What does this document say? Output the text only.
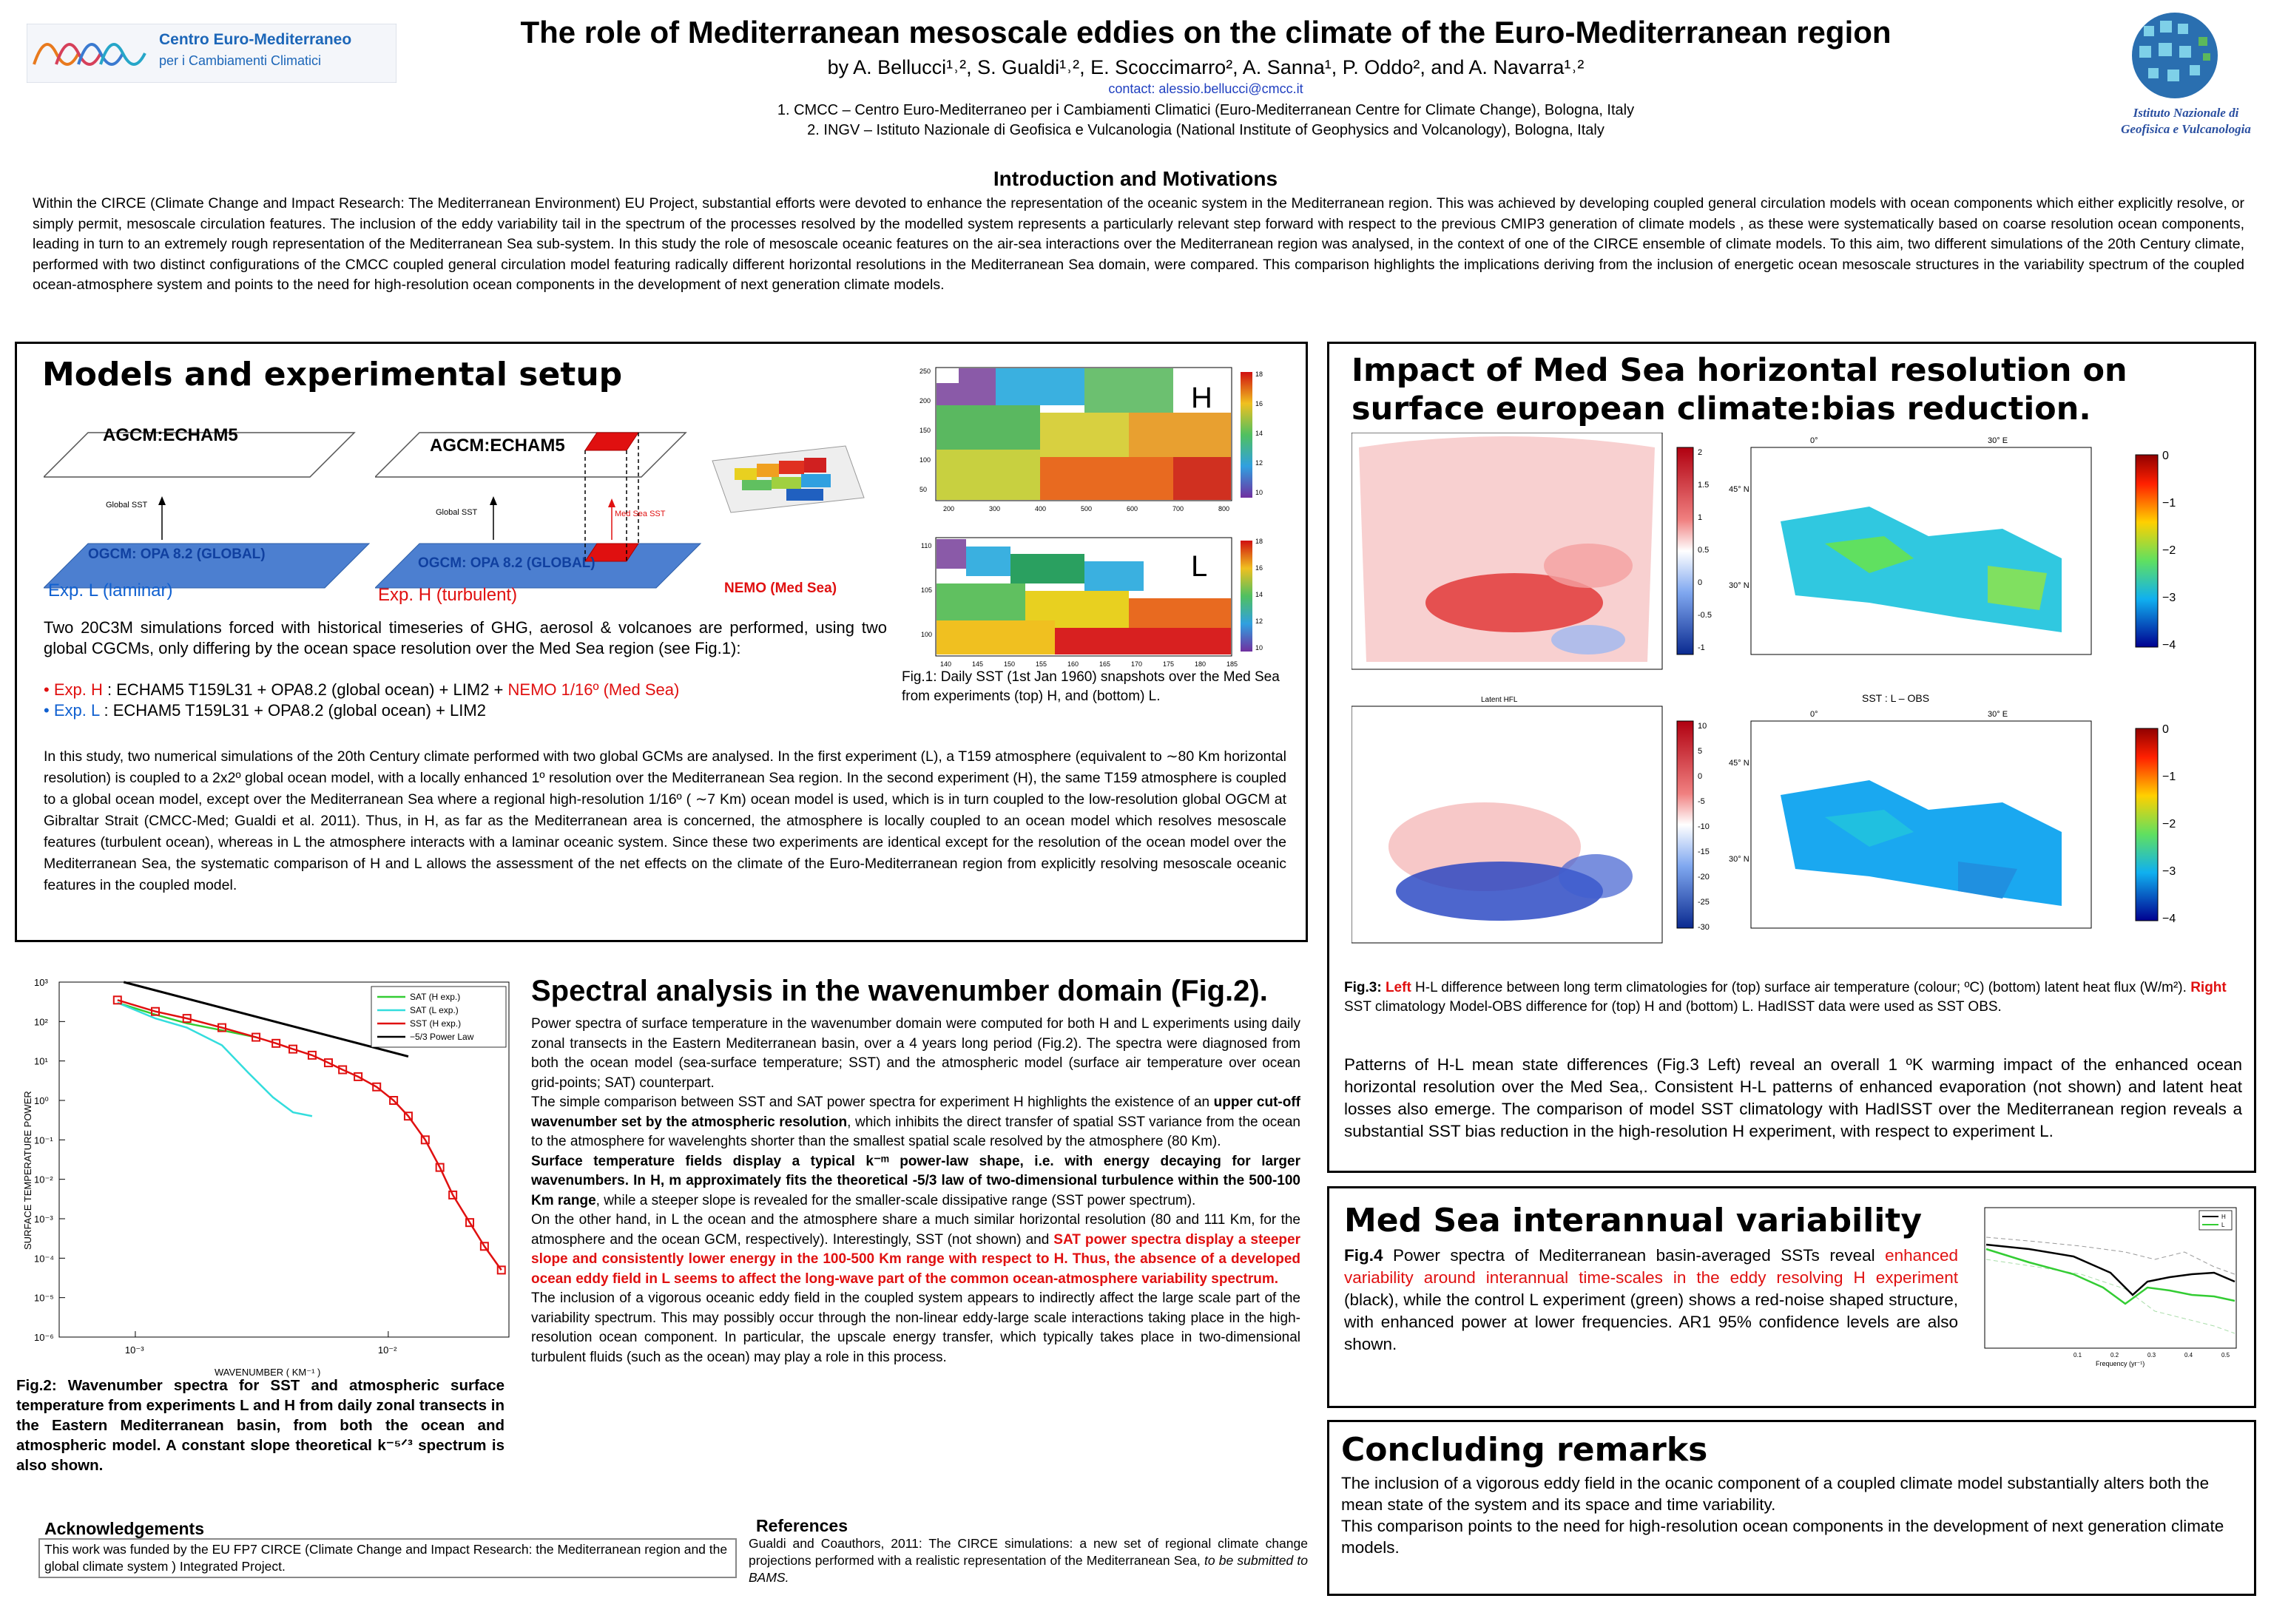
Centro Euro-Mediterraneo
per i Cambiamenti Climatici
Istituto Nazionale di
Geofisica e Vulcanologia
The role of Mediterranean mesoscale eddies on the climate of the Euro-Mediterranean region
by A. Bellucci¹˒², S. Gualdi¹˒², E. Scoccimarro², A. Sanna¹, P. Oddo², and A. Navarra¹˒²
contact: alessio.bellucci@cmcc.it
1. CMCC – Centro Euro-Mediterraneo per i Cambiamenti Climatici (Euro-Mediterranean Centre for Climate Change), Bologna, Italy
2. INGV – Istituto Nazionale di Geofisica e Vulcanologia (National Institute of Geophysics and Volcanology), Bologna, Italy
Introduction and Motivations
Within the CIRCE (Climate Change and Impact Research: The Mediterranean Environment) EU Project, substantial efforts were devoted to enhance the representation of the oceanic system in the Mediterranean region. This was achieved by developing coupled general circulation models with ocean components which either explicitly resolve, or simply permit, mesoscale circulation features. The inclusion of the eddy variability tail in the spectrum of the processes resolved by the modelled system represents a particularly relevant step forward with respect to the previous CMIP3 generation of climate models , as these were systematically based on coarse resolution ocean components, leading in turn to an extremely rough representation of the Mediterranean Sea sub-system. In this study the role of mesoscale oceanic features on the air-sea interactions over the Mediterranean region was analysed, in the context of one of the CIRCE ensemble of climate models. To this aim, two different simulations of the 20th Century climate, performed with two distinct configurations of the CMCC coupled general circulation model featuring radically different horizontal resolutions in the Mediterranean Sea domain, were compared. This comparison highlights the implications deriving from the inclusion of energetic ocean mesoscale structures in the variability spectrum of the coupled ocean-atmosphere system and points to the need for high-resolution ocean components in the development of next generation climate models.
Models and experimental setup
AGCM:ECHAM5
Global SST
OGCM: OPA 8.2 (GLOBAL)
Exp. L (laminar)
AGCM:ECHAM5
Global SST	Med Sea SST
OGCM: OPA 8.2 (GLOBAL)
Exp. H (turbulent)	NEMO (Med Sea)
H
L
200	300	400	500	600	700	800
250
200
150
100
50
140	145	150	155	160	165	170	175	180	185
110
105
100
18
16
14
12
10
18
16
14
12
10
Fig.1: Daily SST (1st Jan 1960) snapshots over the Med Sea from experiments (top) H, and (bottom) L.
Two 20C3M simulations forced with historical timeseries of GHG, aerosol & volcanoes are performed, using two global CGCMs, only differing by the ocean space resolution over the Med Sea region (see Fig.1):
• Exp. H : ECHAM5 T159L31 + OPA8.2 (global ocean) + LIM2 + NEMO 1/16º (Med Sea)
• Exp. L : ECHAM5 T159L31 + OPA8.2 (global ocean) + LIM2
In this study, two numerical simulations of the 20th Century climate performed with two global GCMs are analysed. In the first experiment (L), a T159 atmosphere (equivalent to ∼80 Km horizontal resolution) is coupled to a 2x2º global ocean model, with a locally enhanced 1º resolution over the Mediterranean Sea region. In the second experiment (H), the same T159 atmosphere is coupled to a global ocean model, except over the Mediterranean Sea where a regional high-resolution 1/16º ( ∼7 Km) ocean model is used, which is in turn coupled to the low-resolution global OGCM at Gibraltar Strait (CMCC-Med; Gualdi et al. 2011). Thus, in H, as far as the Mediterranean area is concerned, the atmosphere is locally coupled to an ocean model which resolves mesoscale features (turbulent ocean), whereas in L the atmosphere interacts with a laminar oceanic system. Since these two experiments are identical except for the resolution of the ocean model over the Mediterranean Sea, the systematic comparison of H and L allows the assessment of the net effects on the climate of the Euro-Mediterranean region from explicitly resolving mesoscale oceanic features in the coupled model.
Impact of Med Sea horizontal resolution on surface european climate:bias reduction.
Latent HFL	SST : L – OBS
2
1.5
1
0.5
0
-0.5
-1
10
5
0
-5
-10
-15
-20
-25
-30
0
−1
−2
−3
−4
0
−1
−2
−3
−4
45° N
30° N
0°	30° E
45° N
30° N
0°	30° E
Fig.3: Left H-L difference between long term climatologies for (top) surface air temperature (colour; ºC) (bottom) latent heat flux (W/m²). Right SST climatology Model-OBS difference for (top) H and (bottom) L. HadISST data were used as SST OBS.
Patterns of H-L mean state differences (Fig.3 Left) reveal an overall 1 ºK warming impact of the enhanced ocean horizontal resolution over the Med Sea,. Consistent H-L patterns of enhanced evaporation (not shown) and latent heat losses also emerge. The comparison of model SST climatology with HadISST over the Mediterranean region reveals a substantial SST bias reduction in the high-resolution H experiment, with respect to experiment L.
10³
10²
10¹
10⁰
10⁻¹
10⁻²
10⁻³
10⁻⁴
10⁻⁵
10⁻⁶
10⁻³	10⁻²
WAVENUMBER ( KM⁻¹ )
SURFACE TEMPERATURE POWER
SAT (H exp.)
SAT (L exp.)
SST (H exp.)
−5/3 Power Law
Fig.2: Wavenumber spectra for SST and atmospheric surface temperature from experiments L and H from daily zonal transects in the Eastern Mediterranean basin, from both the ocean and atmospheric model. A constant slope theoretical k⁻⁵ᐟ³ spectrum is also shown.
Spectral analysis in the wavenumber domain (Fig.2).
Power spectra of surface temperature in the wavenumber domain were computed for both H and L experiments using daily zonal transects in the Eastern Mediterranean basin, over a 4 years long period (Fig.2). The spectra were diagnosed from both the ocean model (sea-surface temperature; SST) and the atmospheric model (surface air temperature over ocean grid-points; SAT) counterpart.
The simple comparison between SST and SAT power spectra for experiment H highlights the existence of an upper cut-off wavenumber set by the atmospheric resolution, which inhibits the direct transfer of spatial SST variance from the ocean to the atmosphere for wavelenghts shorter than the smallest spatial scale resolved by the atmosphere (80 Km).
Surface temperature fields display a typical k⁻ᵐ power-law shape, i.e. with energy decaying for larger wavenumbers. In H, m approximately fits the theoretical -5/3 law of two-dimensional turbulence within the 500-100 Km range, while a steeper slope is revealed for the smaller-scale dissipative range (SST power spectrum).
On the other hand, in L the ocean and the atmosphere share a much similar horizontal resolution (80 and 111 Km, for the atmosphere and the ocean GCM, respectively). Interestingly, SST (not shown) and SAT power spectra display a steeper slope and consistently lower energy in the 100-500 Km range with respect to H. Thus, the absence of a developed ocean eddy field in L seems to affect the long-wave part of the common ocean-atmosphere variability spectrum.
The inclusion of a vigorous oceanic eddy field in the coupled system appears to indirectly affect the large scale part of the variability spectrum. This may possibly occur through the non-linear eddy-large scale interactions taking place in the high-resolution ocean component. In particular, the upscale energy transfer, which typically takes place in two-dimensional turbulent fluids (such as the ocean) may play a role in this process.
Acknowledgements
This work was funded by the EU FP7 CIRCE (Climate Change and Impact Research: the Mediterranean region and the global climate system ) Integrated Project.
References
Gualdi and Coauthors, 2011: The CIRCE simulations: a new set of regional climate change projections performed with a realistic representation of the Mediterranean Sea, to be submitted to BAMS.
Med Sea interannual variability
Fig.4 Power spectra of Mediterranean basin-averaged SSTs reveal enhanced variability around interannual time-scales in the eddy resolving H experiment (black), while the control L experiment (green) shows a red-noise shaped structure, with enhanced power at lower frequencies. AR1 95% confidence levels are also shown.
H
L
0.1	0.2	0.3	0.4	0.5
Frequency (yr⁻¹)
Concluding remarks
The inclusion of a vigorous eddy field in the ocanic component of a coupled climate model substantially alters both the mean state of the system and its space and time variability.
This comparison points to the need for high-resolution ocean components in the development of next generation climate models.
